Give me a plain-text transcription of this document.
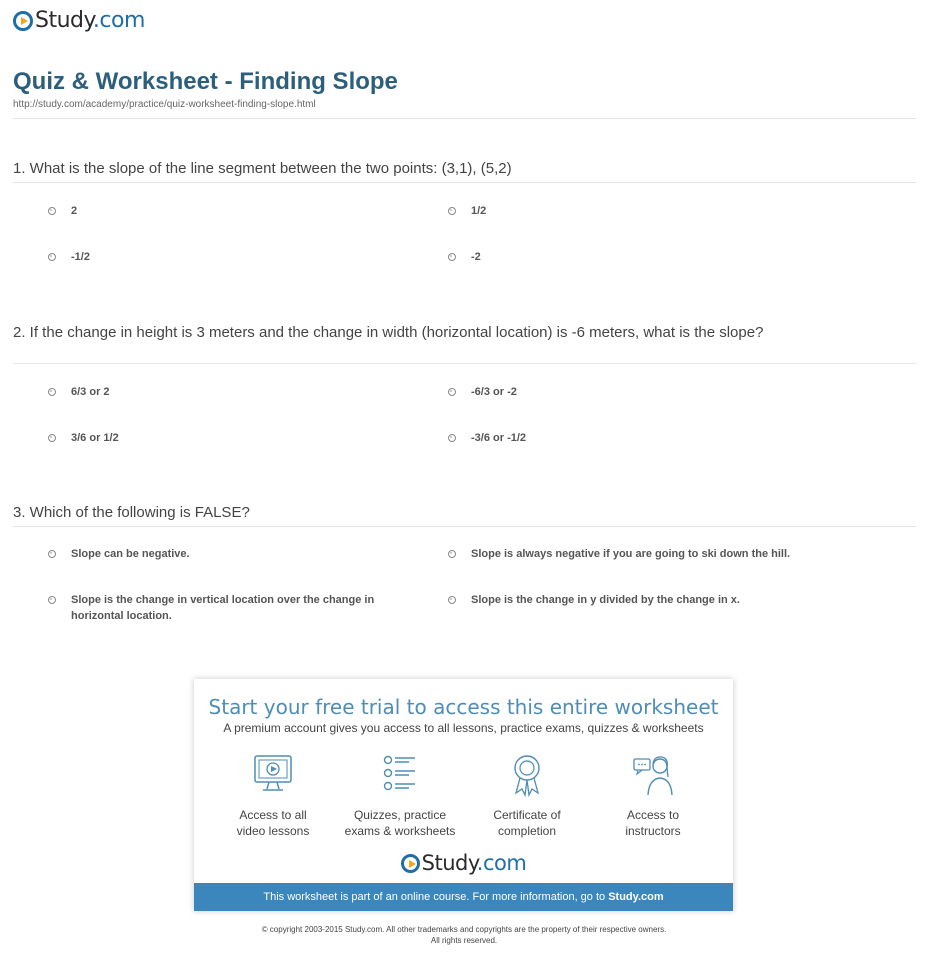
Study.com
Quiz & Worksheet - Finding Slope
http://study.com/academy/practice/quiz-worksheet-finding-slope.html
1. What is the slope of the line segment between the two points: (3,1), (5,2)
2	1/2
-1/2	-2
2. If the change in height is 3 meters and the change in width (horizontal location) is -6 meters, what is the slope?
6/3 or 2	-6/3 or -2
3/6 or 1/2	-3/6 or -1/2
3. Which of the following is FALSE?
Slope can be negative.	Slope is always negative if you are going to ski down the hill.
Slope is the change in vertical location over the change in horizontal location.
Slope is the change in y divided by the change in x.
Start your free trial to access this entire worksheet
A premium account gives you access to all lessons, practice exams, quizzes & worksheets
Access to all
video lessons
Quizzes, practice
exams & worksheets
Certificate of
completion
Access to
instructors
Study.com
This worksheet is part of an online course. For more information, go to Study.com
© copyright 2003-2015 Study.com. All other trademarks and copyrights are the property of their respective owners.
All rights reserved.
